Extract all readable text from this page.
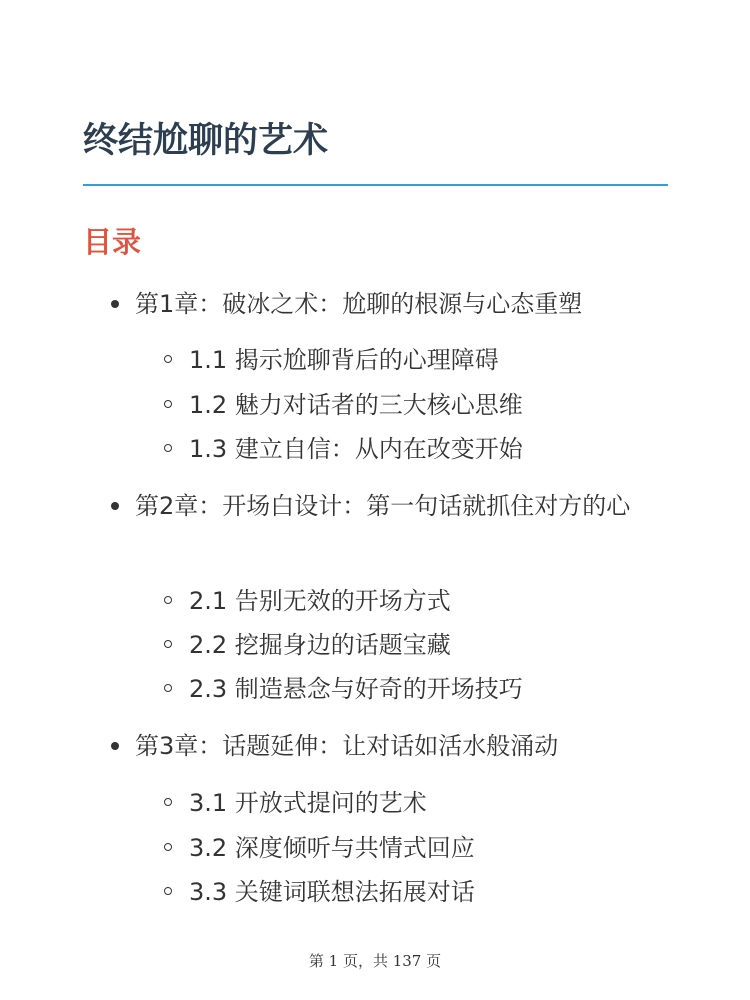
终结尬聊的艺术
目录
第1章：破冰之术：尬聊的根源与心态重塑
1.1 揭示尬聊背后的心理障碍
1.2 魅力对话者的三大核心思维
1.3 建立自信：从内在改变开始
第2章：开场白设计：第一句话就抓住对方的心
2.1 告别无效的开场方式
2.2 挖掘身边的话题宝藏
2.3 制造悬念与好奇的开场技巧
第3章：话题延伸：让对话如活水般涌动
3.1 开放式提问的艺术
3.2 深度倾听与共情式回应
3.3 关键词联想法拓展对话
第 1 页，共 137 页
